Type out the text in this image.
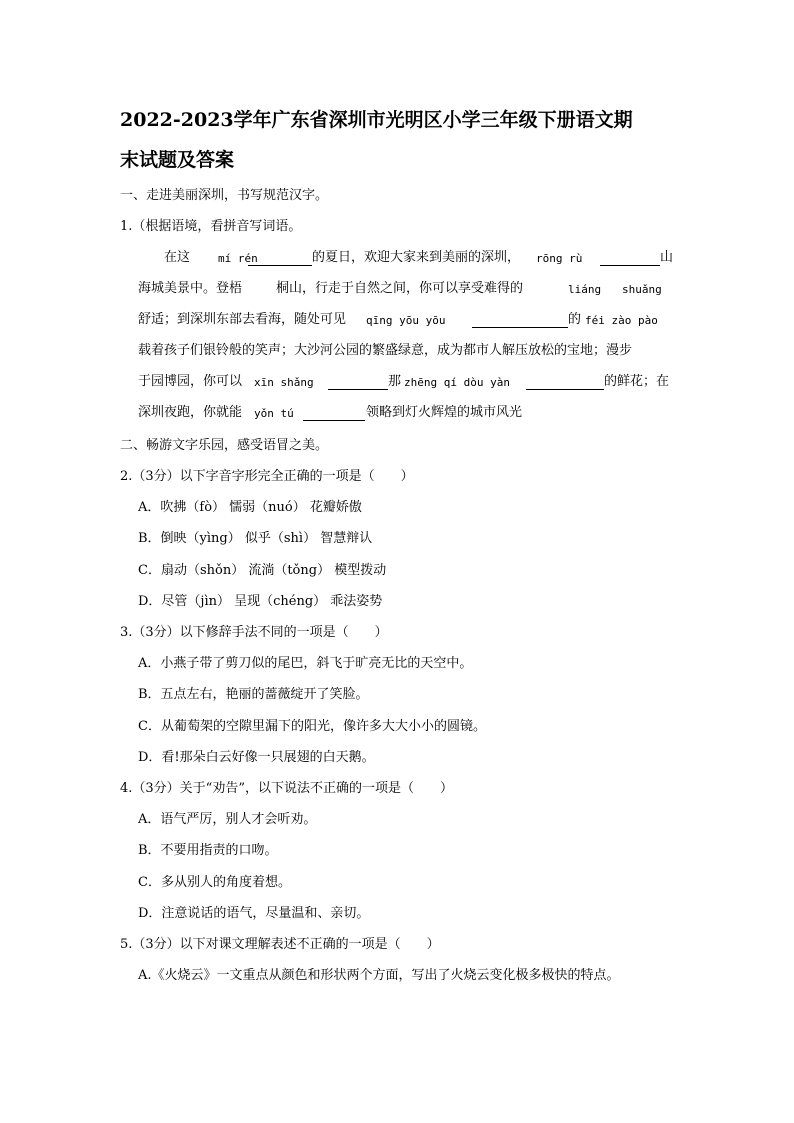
2022-2023学年广东省深圳市光明区小学三年级下册语文期
末试题及答案
一、走进美丽深圳，书写规范汉字。
1.（根据语境，看拼音写词语。
在这	mí rén	的夏日，欢迎大家来到美丽的深圳， rōng rù	山
海城美景中。登梧	桐山，行走于自然之间，你可以享受难得的	liáng shuǎng
舒适；到深圳东部去看海，随处可见 qīng yōu yōu	的 féi zào pào
载着孩子们银铃般的笑声；大沙河公园的繁盛绿意，成为都市人解压放松的宝地；漫步
于园博园，你可以 xīn shǎng	那 zhēng qí dòu yàn	的鲜花；在
深圳夜跑，你就能 yǒn tú	领略到灯火辉煌的城市风光
二、畅游文字乐园，感受语冒之美。
2.（3分）以下字音字形完全正确的一项是（　　）
A．吹拂（fò） 懦弱（nuó） 花瓣娇傲
B．倒映（yìng） 似乎（shì） 智慧辩认
C．扇动（shǒn） 流淌（tǒng） 模型拨动
D．尽管（jìn） 呈现（chéng） 乖法姿势
3.（3分）以下修辞手法不同的一项是（　　）
A．小燕子带了剪刀似的尾巴，斜飞于旷亮无比的天空中。
B．五点左右，艳丽的蔷薇绽开了笑脸。
C．从葡萄架的空隙里漏下的阳光，像许多大大小小的圆镜。
D．看!那朵白云好像一只展翅的白天鹅。
4.（3分）关于“劝告”，以下说法不正确的一项是（　　）
A．语气严厉，别人才会听劝。
B．不要用指责的口吻。
C．多从别人的角度着想。
D．注意说话的语气，尽量温和、亲切。
5.（3分）以下对课文理解表述不正确的一项是（　　）
A.《火烧云》一文重点从颜色和形状两个方面，写出了火烧云变化极多极快的特点。
